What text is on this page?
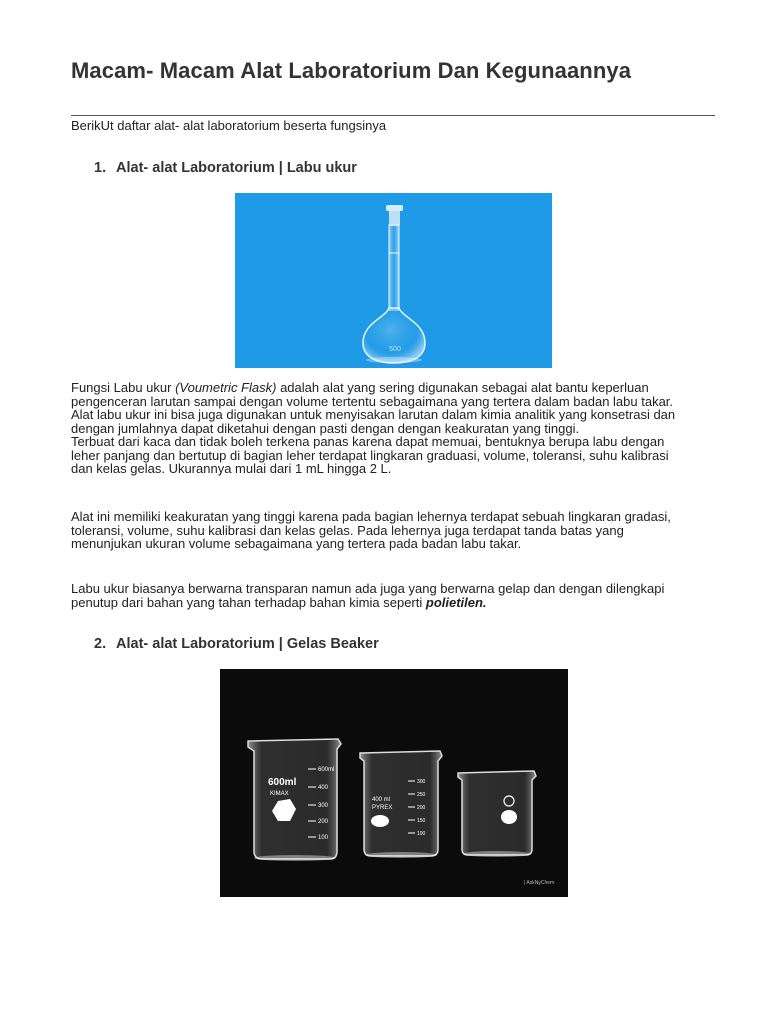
Macam- Macam Alat Laboratorium Dan Kegunaannya
BerikUt daftar alat- alat laboratorium beserta fungsinya
1. Alat- alat Laboratorium | Labu ukur
500

Fungsi Labu ukur (Voumetric Flask) adalah alat yang sering digunakan sebagai alat bantu keperluan
pengenceran larutan sampai dengan volume tertentu sebagaimana yang tertera dalam badan labu takar.
Alat labu ukur ini bisa juga digunakan untuk menyisakan larutan dalam kimia analitik yang konsetrasi dan
dengan jumlahnya dapat diketahui dengan pasti dengan dengan keakuratan yang tinggi.
Terbuat dari kaca dan tidak boleh terkena panas karena dapat memuai, bentuknya berupa labu dengan
leher panjang dan bertutup di bagian leher terdapat lingkaran graduasi, volume, toleransi, suhu kalibrasi
dan kelas gelas. Ukurannya mulai dari 1 mL hingga 2 L.

Alat ini memiliki keakuratan yang tinggi karena pada bagian lehernya terdapat sebuah lingkaran gradasi,
toleransi, volume, suhu kalibrasi dan kelas gelas. Pada lehernya juga terdapat tanda batas yang
menunjukan ukuran volume sebagaimana yang tertera pada badan labu takar.

Labu ukur biasanya berwarna transparan namun ada juga yang berwarna gelap dan dengan dilengkapi
penutup dari bahan yang tahan terhadap bahan kimia seperti polietilen.

2. Alat- alat Laboratorium | Gelas Beaker
600ml
KIMAX
600ml
400
300
200
100
400 ml
PYREX
300
250
200
150
100
| AskNyChem
